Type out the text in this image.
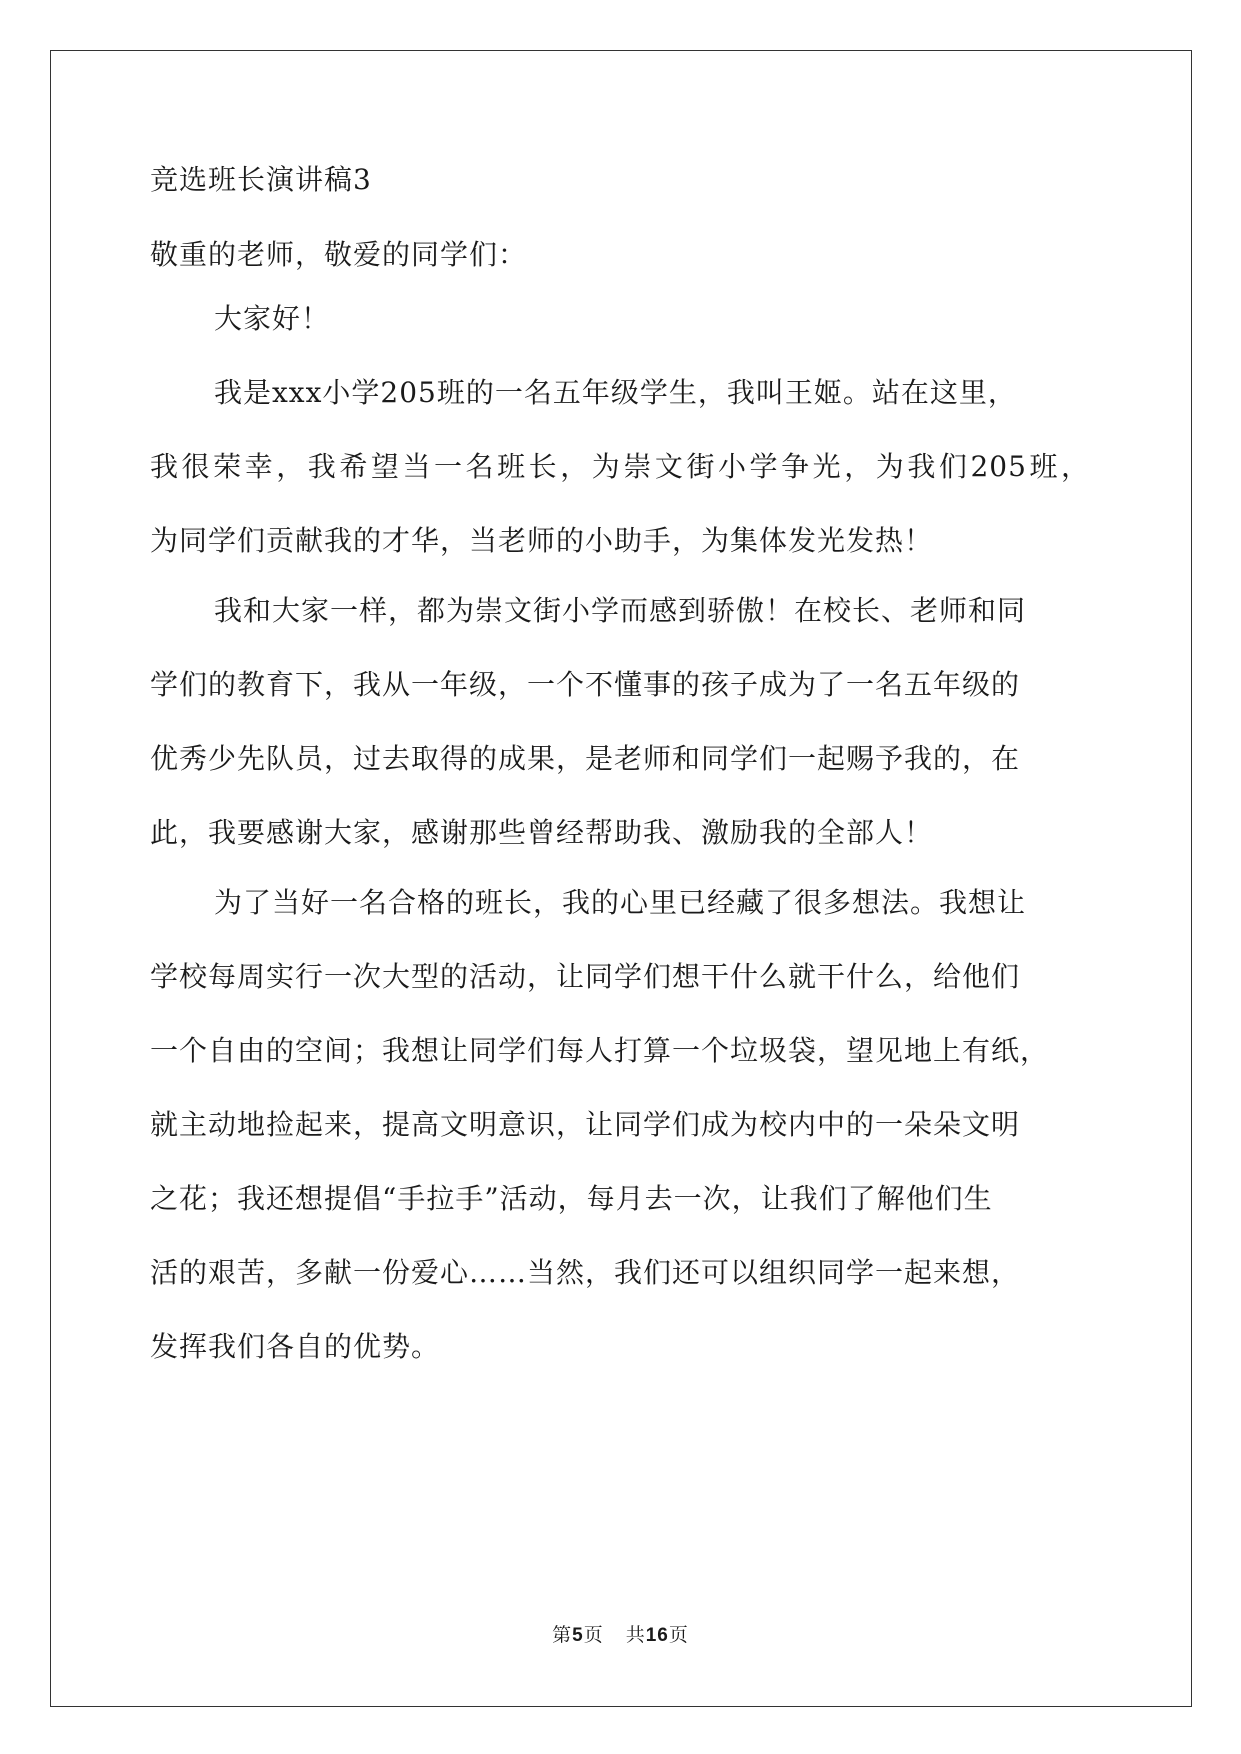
竞选班长演讲稿3
敬重的老师，敬爱的同学们：
大家好！
我是xxx小学205班的一名五年级学生，我叫王姬。站在这里，
我很荣幸，我希望当一名班长，为崇文街小学争光，为我们205班，
为同学们贡献我的才华，当老师的小助手，为集体发光发热！
我和大家一样，都为崇文街小学而感到骄傲！在校长、老师和同
学们的教育下，我从一年级，一个不懂事的孩子成为了一名五年级的
优秀少先队员，过去取得的成果，是老师和同学们一起赐予我的，在
此，我要感谢大家，感谢那些曾经帮助我、激励我的全部人！
为了当好一名合格的班长，我的心里已经藏了很多想法。我想让
学校每周实行一次大型的活动，让同学们想干什么就干什么，给他们
一个自由的空间；我想让同学们每人打算一个垃圾袋，望见地上有纸，
就主动地捡起来，提高文明意识，让同学们成为校内中的一朵朵文明
之花；我还想提倡“手拉手”活动，每月去一次，让我们了解他们生
活的艰苦，多献一份爱心……当然，我们还可以组织同学一起来想，
发挥我们各自的优势。
第5页 共16页
